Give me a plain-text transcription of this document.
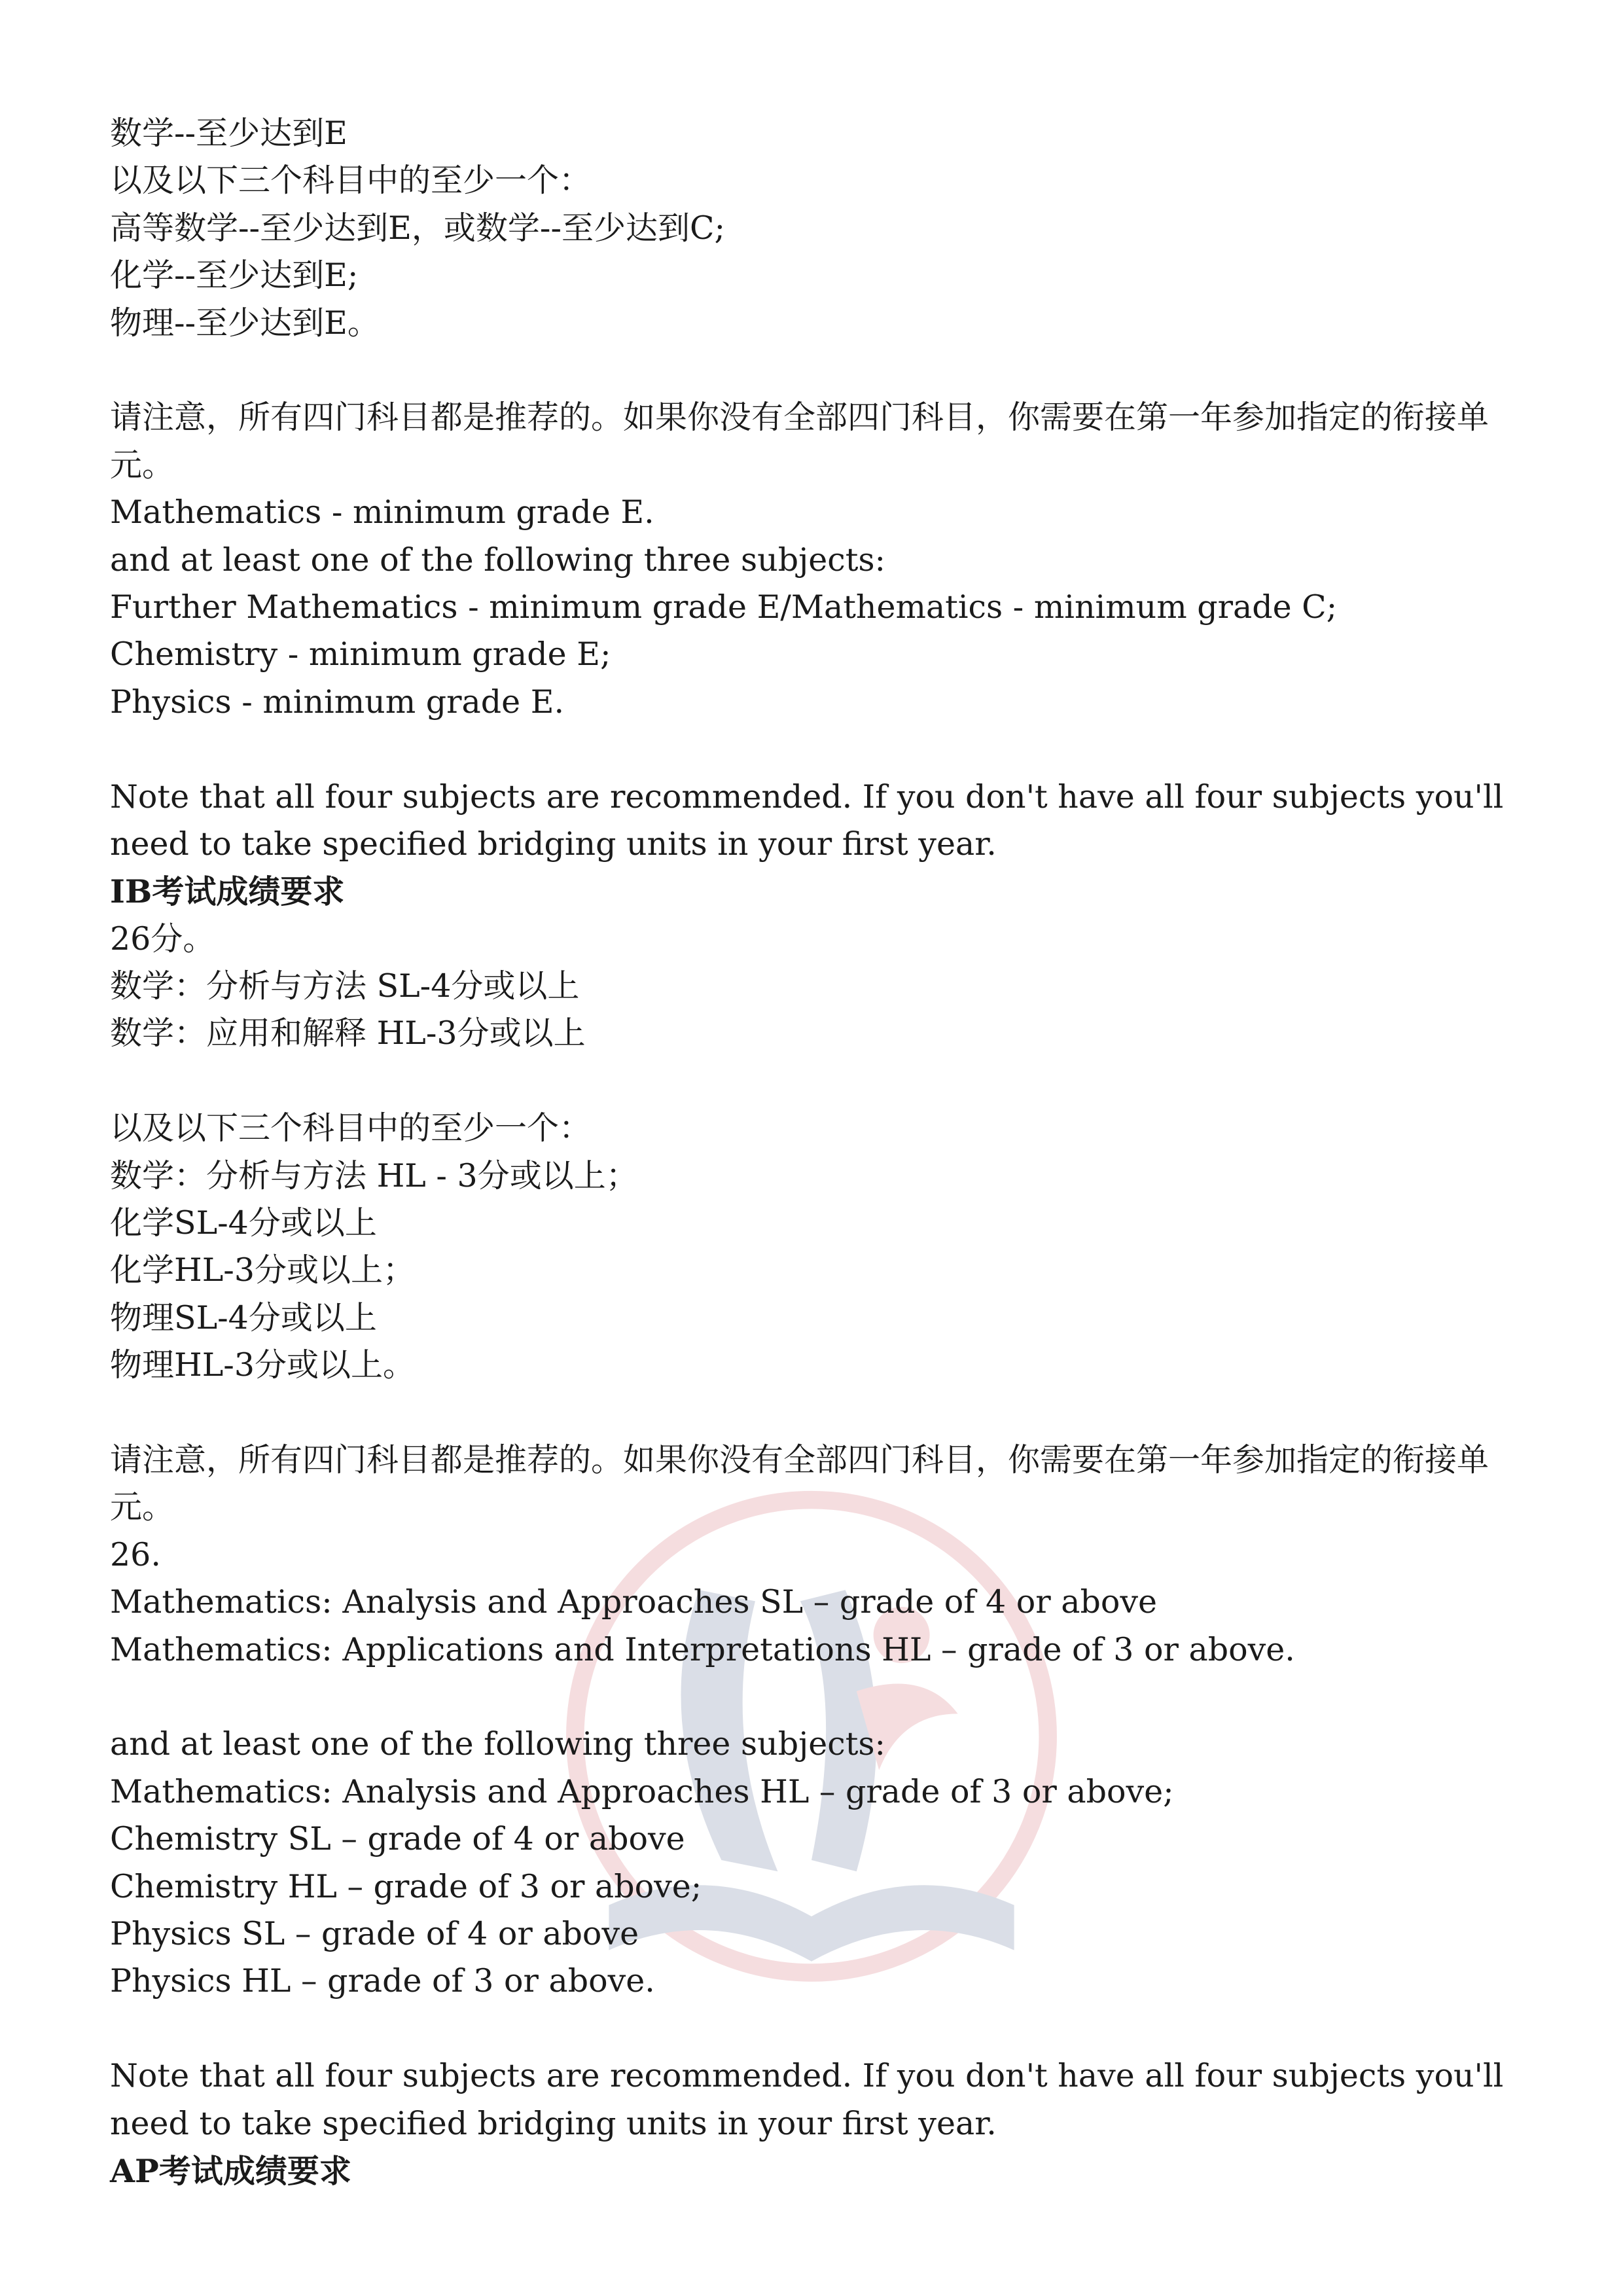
数学--至少达到E
以及以下三个科目中的至少一个：
高等数学--至少达到E，或数学--至少达到C;
化学--至少达到E;
物理--至少达到E。
请注意，所有四门科目都是推荐的。如果你没有全部四门科目，你需要在第一年参加指定的衔接单元。
Mathematics - minimum grade E.
and at least one of the following three subjects:
Further Mathematics - minimum grade E/Mathematics - minimum grade C;
Chemistry - minimum grade E;
Physics - minimum grade E.
Note that all four subjects are recommended. If you don't have all four subjects you'll need to take specified bridging units in your first year.
IB考试成绩要求
26分。
数学：分析与方法 SL-4分或以上
数学：应用和解释 HL-3分或以上
以及以下三个科目中的至少一个：
数学：分析与方法 HL - 3分或以上；
化学SL-4分或以上
化学HL-3分或以上；
物理SL-4分或以上
物理HL-3分或以上。
请注意，所有四门科目都是推荐的。如果你没有全部四门科目，你需要在第一年参加指定的衔接单元。
26.
Mathematics: Analysis and Approaches SL – grade of 4 or above
Mathematics: Applications and Interpretations HL – grade of 3 or above.
and at least one of the following three subjects:
Mathematics: Analysis and Approaches HL – grade of 3 or above;
Chemistry SL – grade of 4 or above
Chemistry HL – grade of 3 or above;
Physics SL – grade of 4 or above
Physics HL – grade of 3 or above.
Note that all four subjects are recommended. If you don't have all four subjects you'll need to take specified bridging units in your first year.
AP考试成绩要求
